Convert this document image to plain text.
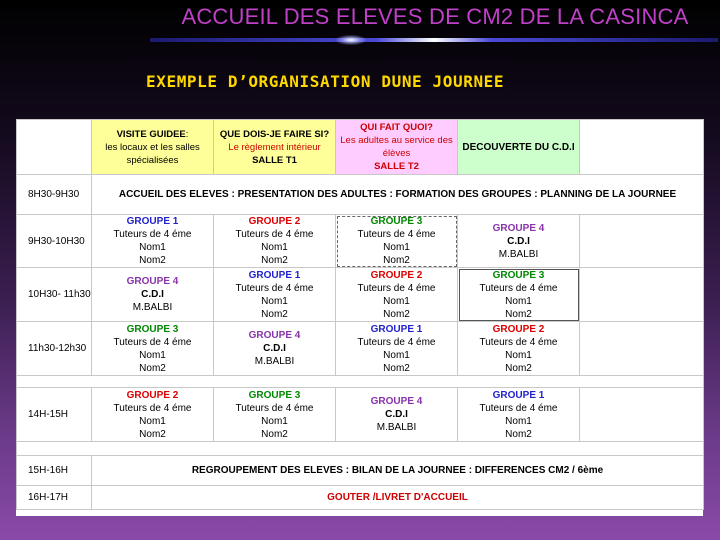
ACCUEIL DES ELEVES DE CM2 DE LA CASINCA
EXEMPLE D’ORGANISATION DUNE JOURNEE

	VISITE GUIDEE:
les locaux et les salles
spécialisées	QUE DOIS-JE FAIRE SI?
Le règlement intérieur
SALLE T1	QUI FAIT QUOI?
Les adultes au service des
élèves
SALLE T2	DECOUVERTE DU C.D.I	

8H30-9H30	ACCUEIL DES ELEVES : PRESENTATION DES ADULTES : FORMATION DES GROUPES : PLANNING DE LA JOURNEE				
9H30-10H30	GROUPE 1
Tuteurs de 4 éme
Nom1
Nom2	GROUPE 2
Tuteurs de 4 éme
Nom1
Nom2	GROUPE 3
Tuteurs de 4 éme
Nom1
Nom2	GROUPE 4
C.D.I
M.BALBI	

10H30- 11h30	GROUPE 4
C.D.I
M.BALBI	GROUPE 1
Tuteurs de 4 éme
Nom1
Nom2	GROUPE 2
Tuteurs de 4 éme
Nom1
Nom2	GROUPE 3
Tuteurs de 4 éme
Nom1
Nom2	

11h30-12h30	GROUPE 3
Tuteurs de 4 éme
Nom1
Nom2	GROUPE 4
C.D.I
M.BALBI	GROUPE 1
Tuteurs de 4 éme
Nom1
Nom2	GROUPE 2
Tuteurs de 4 éme
Nom1
Nom2	

14H-15H	GROUPE 2
Tuteurs de 4 éme
Nom1
Nom2	GROUPE 3
Tuteurs de 4 éme
Nom1
Nom2	GROUPE 4
C.D.I
M.BALBI	GROUPE 1
Tuteurs de 4 éme
Nom1
Nom2	

15H-16H	REGROUPEMENT DES ELEVES : BILAN DE LA JOURNEE : DIFFERENCES CM2 / 6ème				
16H-17H	GOUTER /LIVRET D'ACCUEIL				
